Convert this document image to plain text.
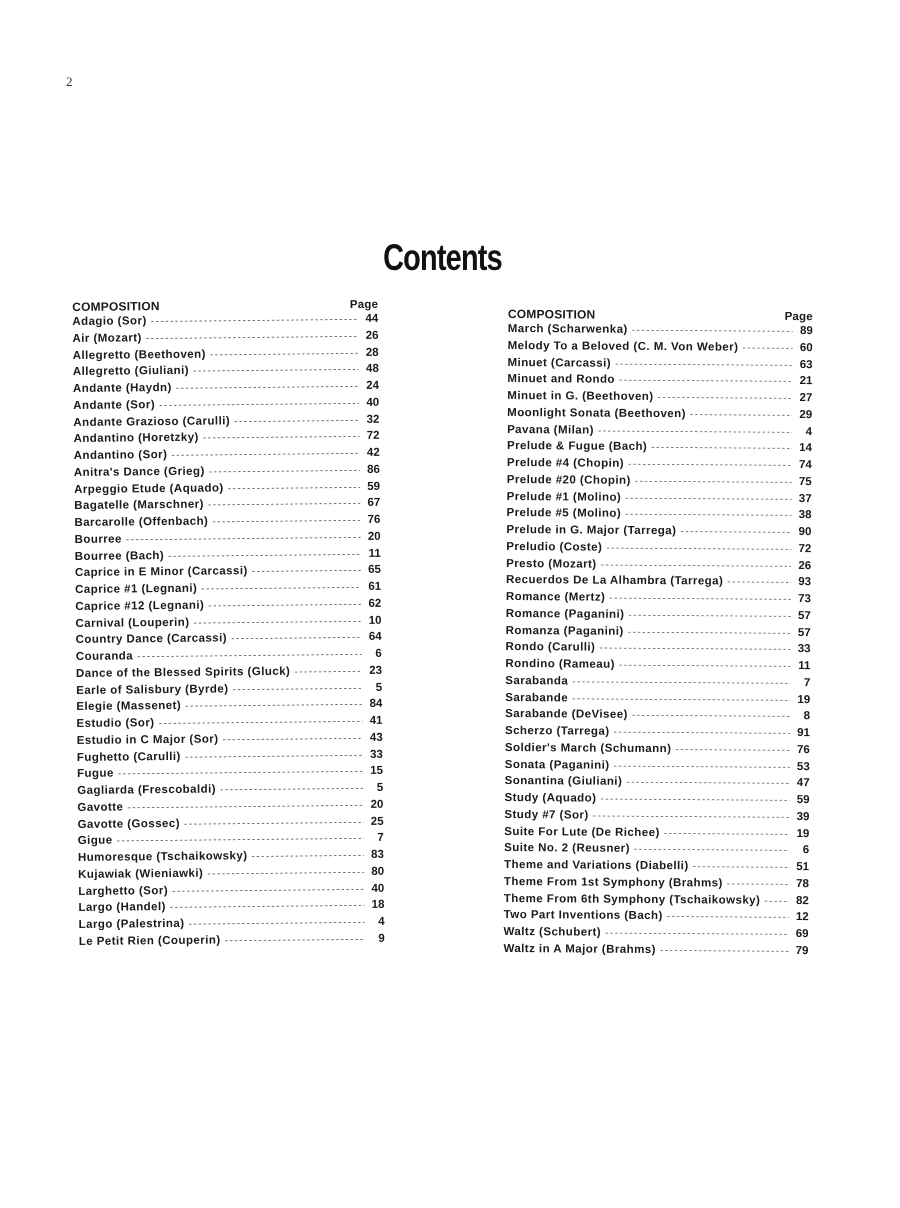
2
Contents
COMPOSITION	Page
Adagio (Sor) -----	44
Air (Mozart) -----	26
Allegretto (Beethoven) -----	28
Allegretto (Giuliani) -----	48
Andante (Haydn) -----	24
Andante (Sor) -----	40
Andante Grazioso (Carulli) -----	32
Andantino (Horetzky) -----	72
Andantino (Sor) -----	42
Anitra's Dance (Grieg) -----	86
Arpeggio Etude (Aquado) -----	59
Bagatelle (Marschner) -----	67
Barcarolle (Offenbach) -----	76
Bourree -----	20
Bourree (Bach) -----	11
Caprice in E Minor (Carcassi) -----	65
Caprice #1 (Legnani) -----	61
Caprice #12 (Legnani) -----	62
Carnival (Louperin) -----	10
Country Dance (Carcassi) -----	64
Couranda -----	6
Dance of the Blessed Spirits (Gluck) -----	23
Earle of Salisbury (Byrde) -----	5
Elegie (Massenet) -----	84
Estudio (Sor) -----	41
Estudio in C Major (Sor) -----	43
Fughetto (Carulli) -----	33
Fugue -----	15
Gagliarda (Frescobaldi) -----	5
Gavotte -----	20
Gavotte (Gossec) -----	25
Gigue -----	7
Humoresque (Tschaikowsky) -----	83
Kujawiak (Wieniawki) -----	80
Larghetto (Sor) -----	40
Largo (Handel) -----	18
Largo (Palestrina) -----	4
Le Petit Rien (Couperin) -----	9
COMPOSITION	Page
March (Scharwenka) -----	89
Melody To a Beloved (C. M. Von Weber) -----	60
Minuet (Carcassi) -----	63
Minuet and Rondo -----	21
Minuet in G. (Beethoven) -----	27
Moonlight Sonata (Beethoven) -----	29
Pavana (Milan) -----	4
Prelude & Fugue (Bach) -----	14
Prelude #4 (Chopin) -----	74
Prelude #20 (Chopin) -----	75
Prelude #1 (Molino) -----	37
Prelude #5 (Molino) -----	38
Prelude in G. Major (Tarrega) -----	90
Preludio (Coste) -----	72
Presto (Mozart) -----	26
Recuerdos De La Alhambra (Tarrega) -----	93
Romance (Mertz) -----	73
Romance (Paganini) -----	57
Romanza (Paganini) -----	57
Rondo (Carulli) -----	33
Rondino (Rameau) -----	11
Sarabanda -----	7
Sarabande -----	19
Sarabande (DeVisee) -----	8
Scherzo (Tarrega) -----	91
Soldier's March (Schumann) -----	76
Sonata (Paganini) -----	53
Sonantina (Giuliani) -----	47
Study (Aquado) -----	59
Study #7 (Sor) -----	39
Suite For Lute (De Richee) -----	19
Suite No. 2 (Reusner) -----	6
Theme and Variations (Diabelli) -----	51
Theme From 1st Symphony (Brahms) -----	78
Theme From 6th Symphony (Tschaikowsky) -----	82
Two Part Inventions (Bach) -----	12
Waltz (Schubert) -----	69
Waltz in A Major (Brahms) -----	79
